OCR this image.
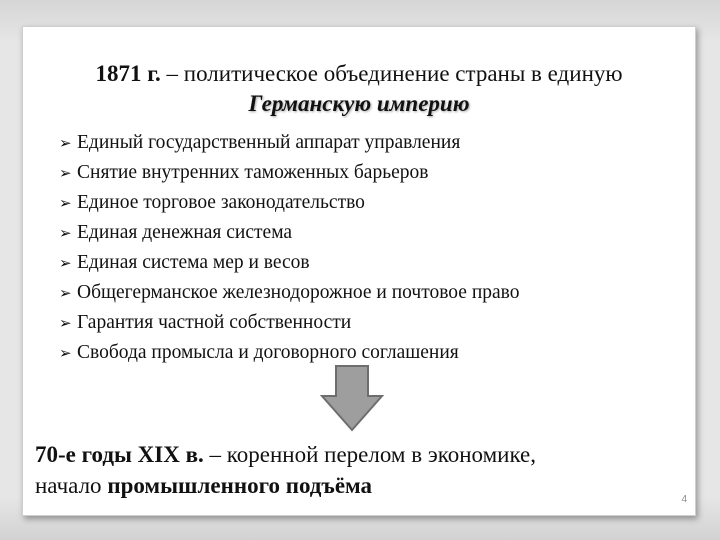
1871 г. – политическое объединение страны в единую
Германскую империю
➢ Единый государственный аппарат управления
➢ Снятие внутренних таможенных барьеров
➢ Единое торговое законодательство
➢ Единая денежная система
➢ Единая система мер и весов
➢ Общегерманское железнодорожное и почтовое право
➢ Гарантия частной собственности
➢ Свобода промысла и договорного соглашения
70-е годы XIX в. – коренной перелом в экономике,
начало промышленного подъёма
4
